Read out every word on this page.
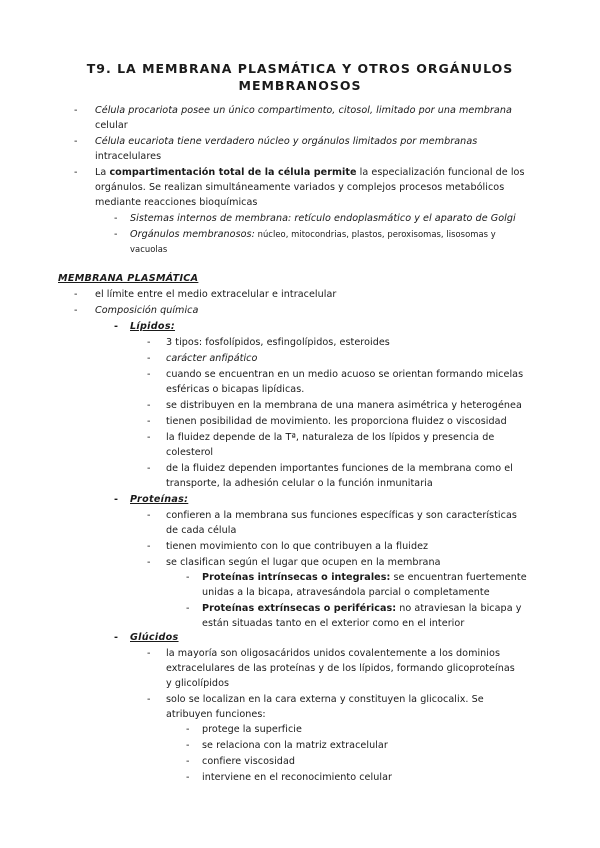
T9. LA MEMBRANA PLASMÁTICA Y OTROS ORGÁNULOS
MEMBRANOSOS
- Célula procariota posee un único compartimento, citosol, limitado por una membrana
celular
- Célula eucariota tiene verdadero núcleo y orgánulos limitados por membranas
intracelulares
- La compartimentación total de la célula permite la especialización funcional de los
orgánulos. Se realizan simultáneamente variados y complejos procesos metabólicos
mediante reacciones bioquímicas
- Sistemas internos de membrana: retículo endoplasmático y el aparato de Golgi
- Orgánulos membranosos: núcleo, mitocondrias, plastos, peroxisomas, lisosomas y
vacuolas
MEMBRANA PLASMÁTICA
- el límite entre el medio extracelular e intracelular
- Composición química
- Lípidos:
- 3 tipos: fosfolípidos, esfingolípidos, esteroides
- carácter anfipático
- cuando se encuentran en un medio acuoso se orientan formando micelas
esféricas o bicapas lipídicas.
- se distribuyen en la membrana de una manera asimétrica y heterogénea
- tienen posibilidad de movimiento. les proporciona fluidez o viscosidad
- la fluidez depende de la Tª, naturaleza de los lípidos y presencia de
colesterol
- de la fluidez dependen importantes funciones de la membrana como el
transporte, la adhesión celular o la función inmunitaria
- Proteínas:
- confieren a la membrana sus funciones específicas y son características
de cada célula
- tienen movimiento con lo que contribuyen a la fluidez
- se clasifican según el lugar que ocupen en la membrana
- Proteínas intrínsecas o integrales: se encuentran fuertemente
unidas a la bicapa, atravesándola parcial o completamente
- Proteínas extrínsecas o periféricas: no atraviesan la bicapa y
están situadas tanto en el exterior como en el interior
- Glúcidos
- la mayoría son oligosacáridos unidos covalentemente a los dominios
extracelulares de las proteínas y de los lípidos, formando glicoproteínas
y glicolípidos
- solo se localizan en la cara externa y constituyen la glicocalix. Se
atribuyen funciones:
- protege la superficie
- se relaciona con la matriz extracelular
- confiere viscosidad
- interviene en el reconocimiento celular
